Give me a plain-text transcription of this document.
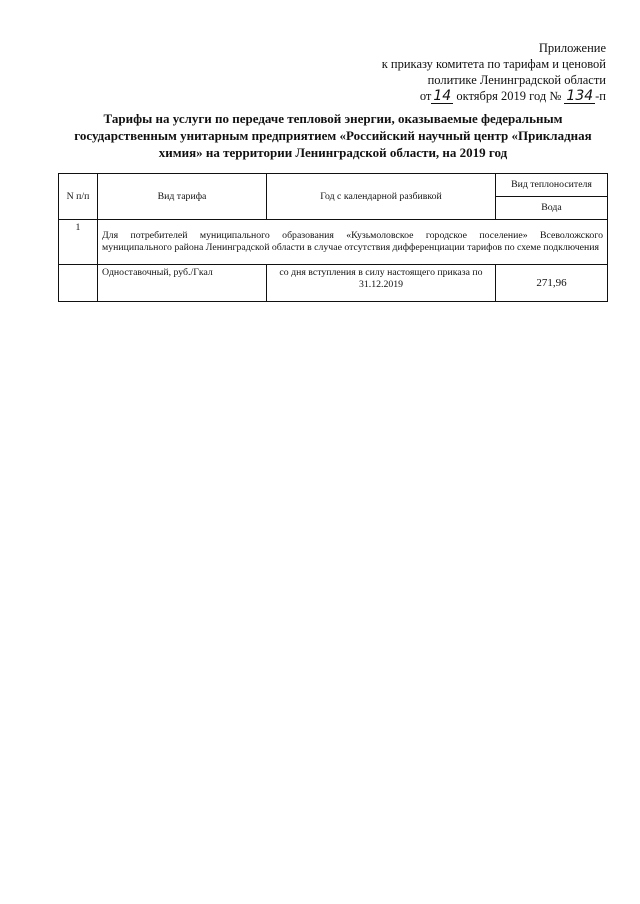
Приложение
к приказу комитета по тарифам и ценовой
политике Ленинградской области
от 14 октября 2019 год № 134 -п
Тарифы на услуги по передаче тепловой энергии, оказываемые федеральным
государственным унитарным предприятием «Российский научный центр «Прикладная
химия» на территории Ленинградской области, на 2019 год
N п/п	Вид тарифа	Год с календарной разбивкой	Вид теплоносителя
			Вода
1	Для потребителей муниципального образования «Кузьмоловское городское поселение» Всеволожского муниципального района Ленинградской области в случае отсутствия дифференциации тарифов по схеме подключения		
	Одноставочный, руб./Гкал	со дня вступления в силу настоящего приказа по 31.12.2019	271,96
